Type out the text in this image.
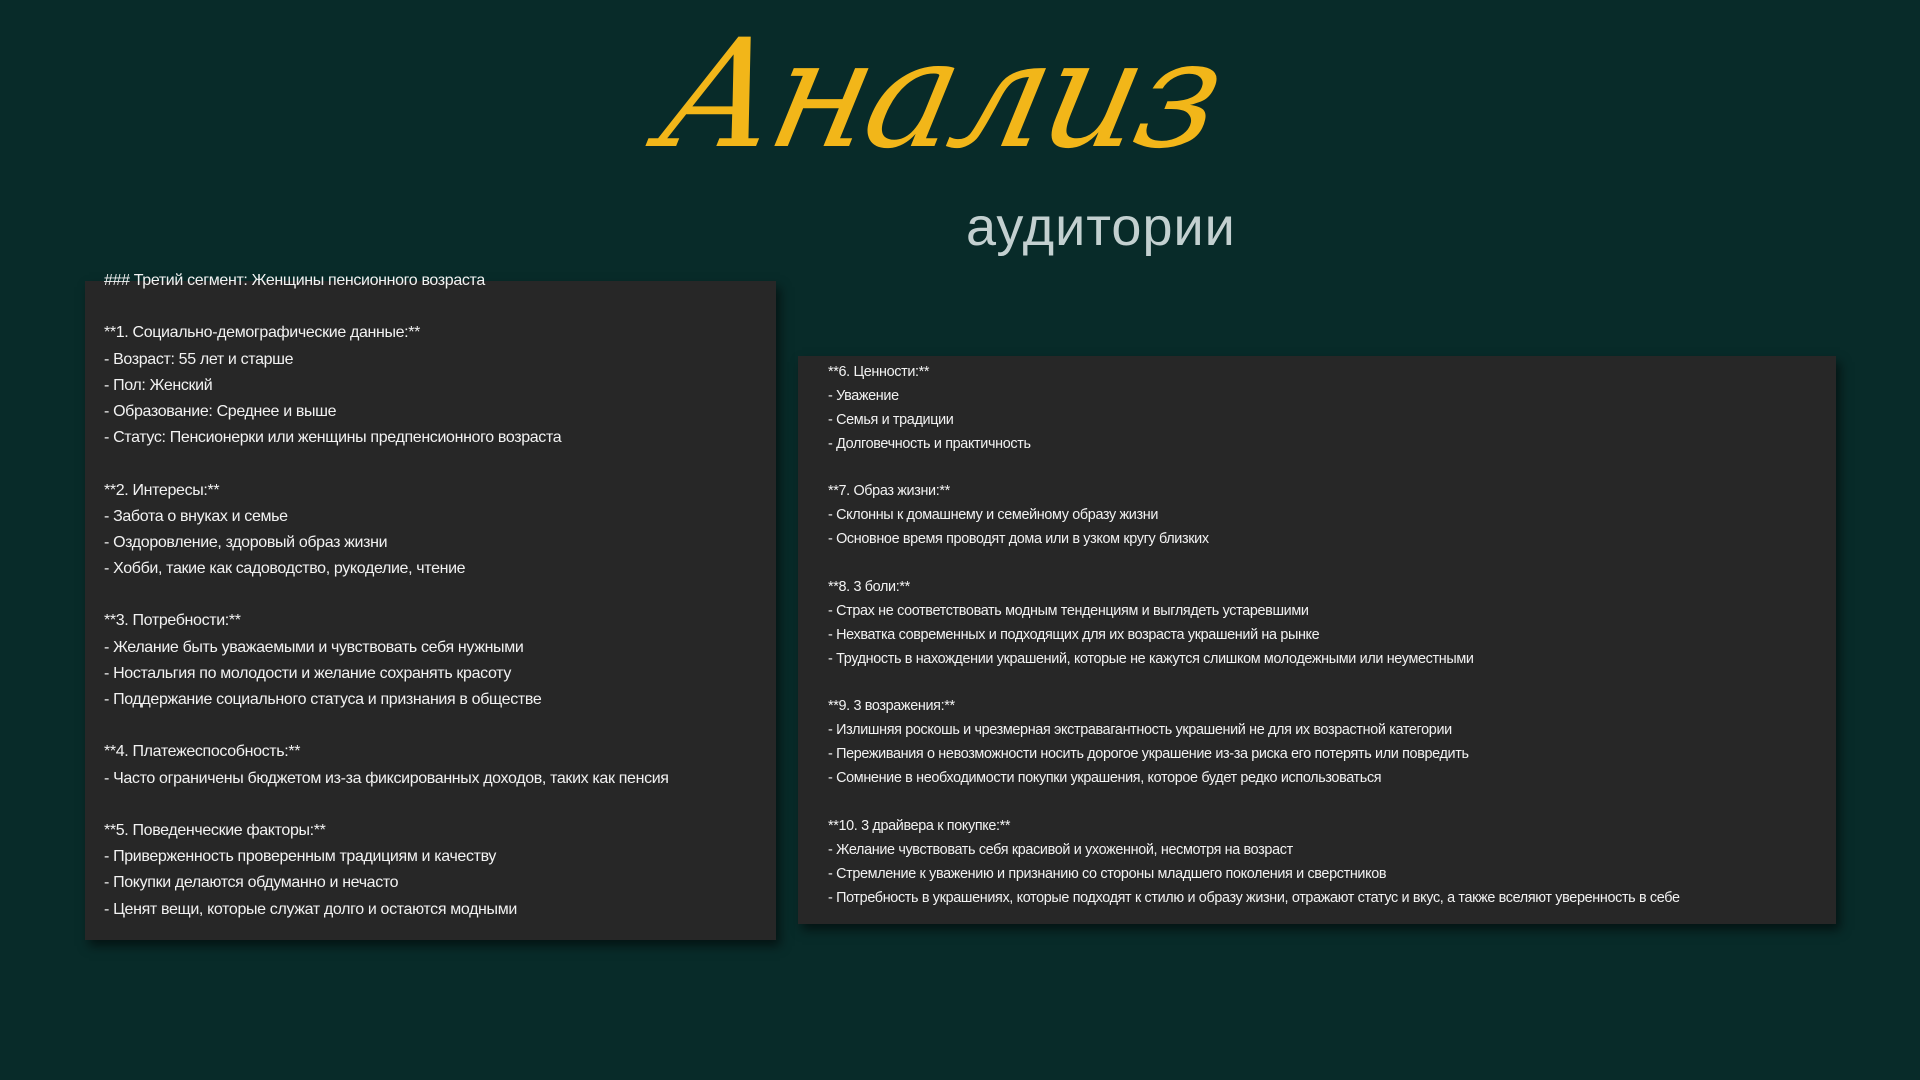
Анализ
аудитории
### Третий сегмент: Женщины пенсионного возраста
**1. Социально-демографические данные:**
- Возраст: 55 лет и старше
- Пол: Женский
- Образование: Среднее и выше
- Статус: Пенсионерки или женщины предпенсионного возраста
**2. Интересы:**
- Забота о внуках и семье
- Оздоровление, здоровый образ жизни
- Хобби, такие как садоводство, рукоделие, чтение
**3. Потребности:**
- Желание быть уважаемыми и чувствовать себя нужными
- Ностальгия по молодости и желание сохранять красоту
- Поддержание социального статуса и признания в обществе
**4. Платежеспособность:**
- Часто ограничены бюджетом из-за фиксированных доходов, таких как пенсия
**5. Поведенческие факторы:**
- Приверженность проверенным традициям и качеству
- Покупки делаются обдуманно и нечасто
- Ценят вещи, которые служат долго и остаются модными
**6. Ценности:**
- Уважение
- Семья и традиции
- Долговечность и практичность
**7. Образ жизни:**
- Склонны к домашнему и семейному образу жизни
- Основное время проводят дома или в узком кругу близких
**8. 3 боли:**
- Страх не соответствовать модным тенденциям и выглядеть устаревшими
- Нехватка современных и подходящих для их возраста украшений на рынке
- Трудность в нахождении украшений, которые не кажутся слишком молодежными или неуместными
**9. 3 возражения:**
- Излишняя роскошь и чрезмерная экстравагантность украшений не для их возрастной категории
- Переживания о невозможности носить дорогое украшение из-за риска его потерять или повредить
- Сомнение в необходимости покупки украшения, которое будет редко использоваться
**10. 3 драйвера к покупке:**
- Желание чувствовать себя красивой и ухоженной, несмотря на возраст
- Стремление к уважению и признанию со стороны младшего поколения и сверстников
- Потребность в украшениях, которые подходят к стилю и образу жизни, отражают статус и вкус, а также вселяют уверенность в себе
